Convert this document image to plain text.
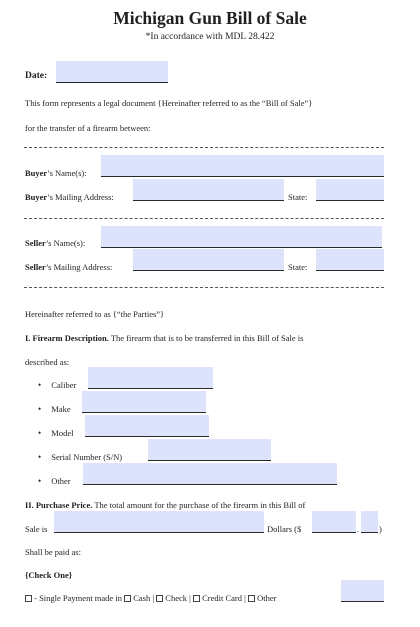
Michigan Gun Bill of Sale
*In accordance with MDL 28.422
Date:
This form represents a legal document {Hereinafter referred to as the “Bill of Sale”}
for the transfer of a firearm between:
Buyer’s Name(s):
Buyer’s Mailing Address:	State:
Seller’s Name(s):
Seller’s Mailing Address:	State:
Hereinafter referred to as {“the Parties”}
I. Firearm Description. The firearm that is to be transferred in this Bill of Sale is
described as:
• Caliber
• Make
• Model
• Serial Number (S/N)
• Other
II. Purchase Price. The total amount for the purchase of the firearm in this Bill of
Sale is	Dollars ($	. )
Shall be paid as:
{Check One}
- Single Payment made in  Cash | Check | Credit Card | Other
